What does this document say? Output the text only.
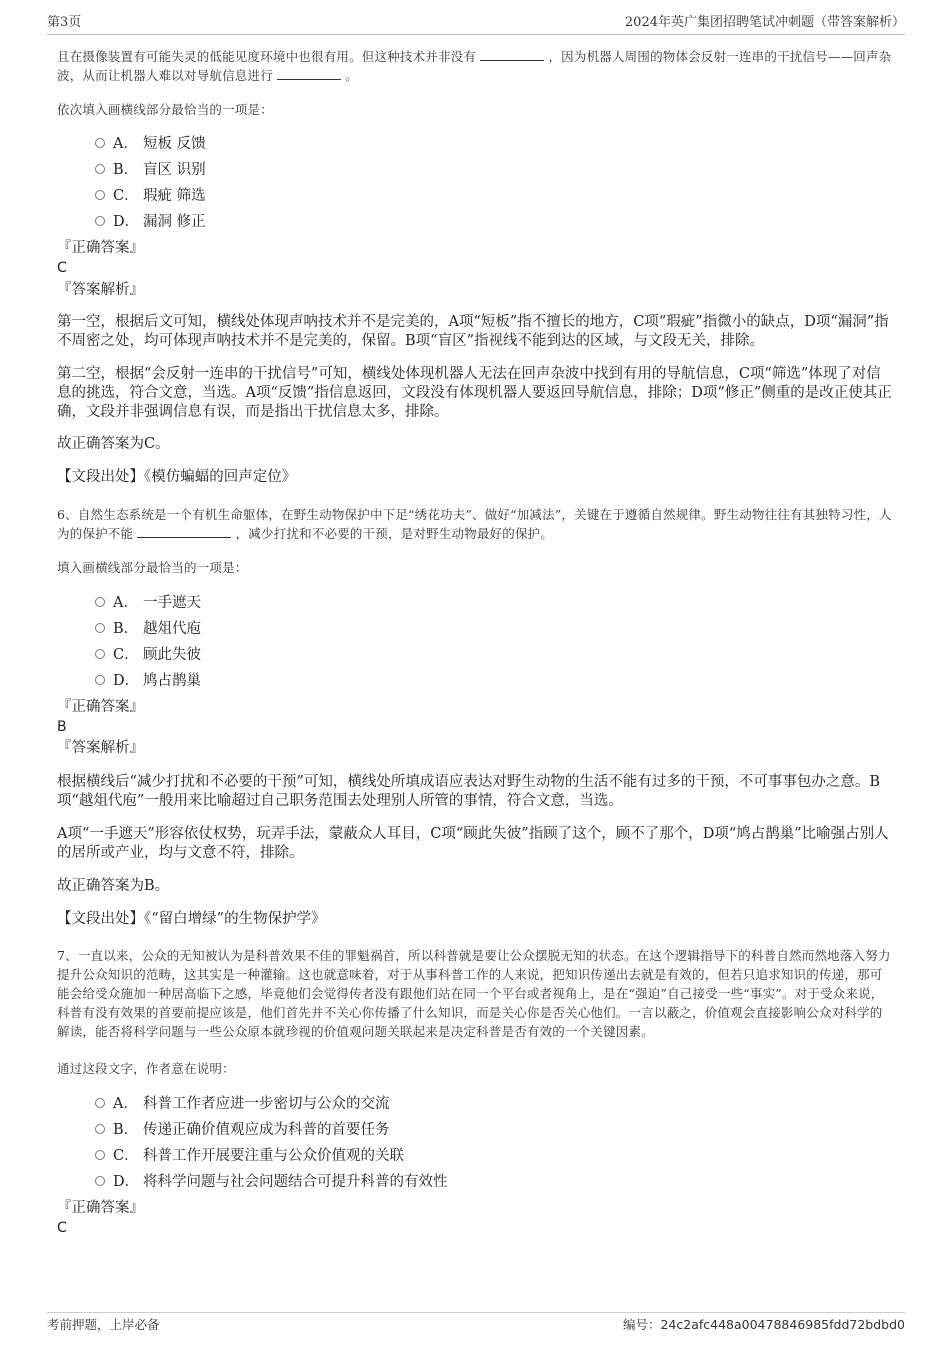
第3页	2024年英广集团招聘笔试冲刺题（带答案解析）
且在摄像装置有可能失灵的低能见度环境中也很有用。但这种技术并非没有	，因为机器人周围的物体会反射一连串的干扰信号——回声杂波，从而让机器人难以对导航信息进行	。
依次填入画横线部分最恰当的一项是：
A． 短板 反馈
B． 盲区 识别
C． 瑕疵 筛选
D． 漏洞 修正
『正确答案』
C
『答案解析』
第一空，根据后文可知，横线处体现声呐技术并不是完美的，A项“短板”指不擅长的地方，C项“瑕疵”指微小的缺点，D项“漏洞”指不周密之处，均可体现声呐技术并不是完美的，保留。B项“盲区”指视线不能到达的区域，与文段无关，排除。
第二空，根据“会反射一连串的干扰信号”可知，横线处体现机器人无法在回声杂波中找到有用的导航信息，C项“筛选”体现了对信息的挑选，符合文意，当选。A项“反馈”指信息返回，文段没有体现机器人要返回导航信息，排除；D项“修正”侧重的是改正使其正确，文段并非强调信息有误，而是指出干扰信息太多，排除。
故正确答案为C。
【文段出处】《模仿蝙蝠的回声定位》
6、自然生态系统是一个有机生命躯体，在野生动物保护中下足“绣花功夫”、做好“加减法”，关键在于遵循自然规律。野生动物往往有其独特习性，人为的保护不能	，减少打扰和不必要的干预，是对野生动物最好的保护。
填入画横线部分最恰当的一项是：
A． 一手遮天
B． 越俎代庖
C． 顾此失彼
D． 鸠占鹊巢
『正确答案』
B
『答案解析』
根据横线后“减少打扰和不必要的干预”可知，横线处所填成语应表达对野生动物的生活不能有过多的干预，不可事事包办之意。B项“越俎代庖”一般用来比喻超过自己职务范围去处理别人所管的事情，符合文意，当选。
A项“一手遮天”形容依仗权势，玩弄手法，蒙蔽众人耳目，C项“顾此失彼”指顾了这个，顾不了那个，D项“鸠占鹊巢”比喻强占别人的居所或产业，均与文意不符，排除。
故正确答案为B。
【文段出处】《“留白增绿”的生物保护学》
7、一直以来，公众的无知被认为是科普效果不佳的罪魁祸首，所以科普就是要让公众摆脱无知的状态。在这个逻辑指导下的科普自然而然地落入努力提升公众知识的范畴，这其实是一种灌输。这也就意味着，对于从事科普工作的人来说，把知识传递出去就是有效的，但若只追求知识的传递，那可能会给受众施加一种居高临下之感，毕竟他们会觉得传者没有跟他们站在同一个平台或者视角上，是在“强迫”自己接受一些“事实”。对于受众来说，科普有没有效果的首要前提应该是，他们首先并不关心你传播了什么知识，而是关心你是否关心他们。一言以蔽之，价值观会直接影响公众对科学的解读，能否将科学问题与一些公众原本就珍视的价值观问题关联起来是决定科普是否有效的一个关键因素。
通过这段文字，作者意在说明：
A． 科普工作者应进一步密切与公众的交流
B． 传递正确价值观应成为科普的首要任务
C． 科普工作开展要注重与公众价值观的关联
D． 将科学问题与社会问题结合可提升科普的有效性
『正确答案』
C
考前押题，上岸必备	编号：24c2afc448a00478846985fdd72bdbd0
